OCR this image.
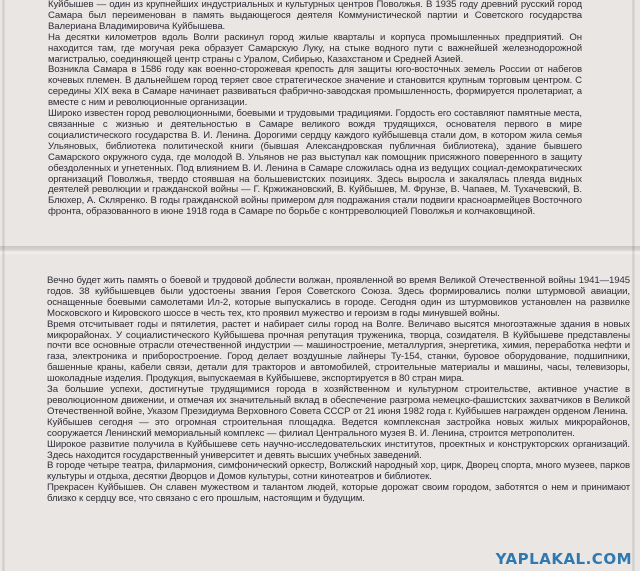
Куйбышев — один из крупнейших индустриальных и культурных центров Поволжья. В 1935 году древний русский город Самара был переименован в память выдающегося деятеля Коммунистической партии и Советского государства Валериана Владимировича Куйбышева.

На десятки километров вдоль Волги раскинул город жилые кварталы и корпуса промышленных предприятий. Он находится там, где могучая река образует Самарскую Луку, на стыке водного пути с важнейшей железнодорожной магистралью, соединяющей центр страны с Уралом, Сибирью, Казахстаном и Средней Азией.

Возникла Самара в 1586 году как военно-сторожевая крепость для защиты юго-восточных земель России от набегов кочевых племен. В дальнейшем город теряет свое стратегическое значение и становится крупным торговым центром. С середины XIX века в Самаре начинает развиваться фабрично-заводская промышленность, формируется пролетариат, а вместе с ним и революционные организации.

Широко известен город революционными, боевыми и трудовыми традициями. Гордость его составляют памятные места, связанные с жизнью и деятельностью в Самаре великого вождя трудящихся, основателя первого в мире социалистического государства В. И. Ленина. Дорогими сердцу каждого куйбышевца стали дом, в котором жила семья Ульяновых, библиотека политической книги (бывшая Александровская публичная библиотека), здание бывшего Самарского окружного суда, где молодой В. Ульянов не раз выступал как помощник присяжного поверенного в защиту обездоленных и угнетенных. Под влиянием В. И. Ленина в Самаре сложилась одна из ведущих социал-демократических организаций Поволжья, твердо стоявшая на большевистских позициях. Здесь выросла и закалялась плеяда видных деятелей революции и гражданской войны — Г. Кржижановский, В. Куйбышев, М. Фрунзе, В. Чапаев, М. Тухачевский, В. Блюхер, А. Скляренко. В годы гражданской войны примером для подражания стали подвиги красноармейцев Восточного фронта, образованного в июне 1918 года в Самаре по борьбе с контрреволюцией Поволжья и колчаковщиной.

Вечно будет жить память о боевой и трудовой доблести волжан, проявленной во время Великой Отечественной войны 1941—1945 годов. 38 куйбышевцев были удостоены звания Героя Советского Союза. Здесь формировались полки штурмовой авиации, оснащенные боевыми самолетами Ил-2, которые выпускались в городе. Сегодня один из штурмовиков установлен на развилке Московского и Кировского шоссе в честь тех, кто проявил мужество и героизм в годы минувшей войны.

Время отсчитывает годы и пятилетия, растет и набирает силы город на Волге. Величаво высятся многоэтажные здания в новых микрорайонах. У социалистического Куйбышева прочная репутация труженика, творца, созидателя. В Куйбышеве представлены почти все основные отрасли отечественной индустрии — машиностроение, металлургия, энергетика, химия, переработка нефти и газа, электроника и приборостроение. Город делает воздушные лайнеры Ту-154, станки, буровое оборудование, подшипники, башенные краны, кабели связи, детали для тракторов и автомобилей, строительные материалы и машины, часы, телевизоры, шоколадные изделия. Продукция, выпускаемая в Куйбышеве, экспортируется в 80 стран мира.

За большие успехи, достигнутые трудящимися города в хозяйственном и культурном строительстве, активное участие в революционном движении, и отмечая их значительный вклад в обеспечение разгрома немецко-фашистских захватчиков в Великой Отечественной войне, Указом Президиума Верховного Совета СССР от 21 июня 1982 года г. Куйбышев награжден орденом Ленина.

Куйбышев сегодня — это огромная строительная площадка. Ведется комплексная застройка новых жилых микрорайонов, сооружается Ленинский мемориальный комплекс — филиал Центрального музея В. И. Ленина, строится метрополитен.

Широкое развитие получила в Куйбышеве сеть научно-исследовательских институтов, проектных и конструкторских организаций. Здесь находится государственный университет и девять высших учебных заведений.

В городе четыре театра, филармония, симфонический оркестр, Волжский народный хор, цирк, Дворец спорта, много музеев, парков культуры и отдыха, десятки Дворцов и Домов культуры, сотни кинотеатров и библиотек.

Прекрасен Куйбышев. Он славен мужеством и талантом людей, которые дорожат своим городом, заботятся о нем и принимают близко к сердцу все, что связано с его прошлым, настоящим и будущим.

YAPLAKAL.COM
